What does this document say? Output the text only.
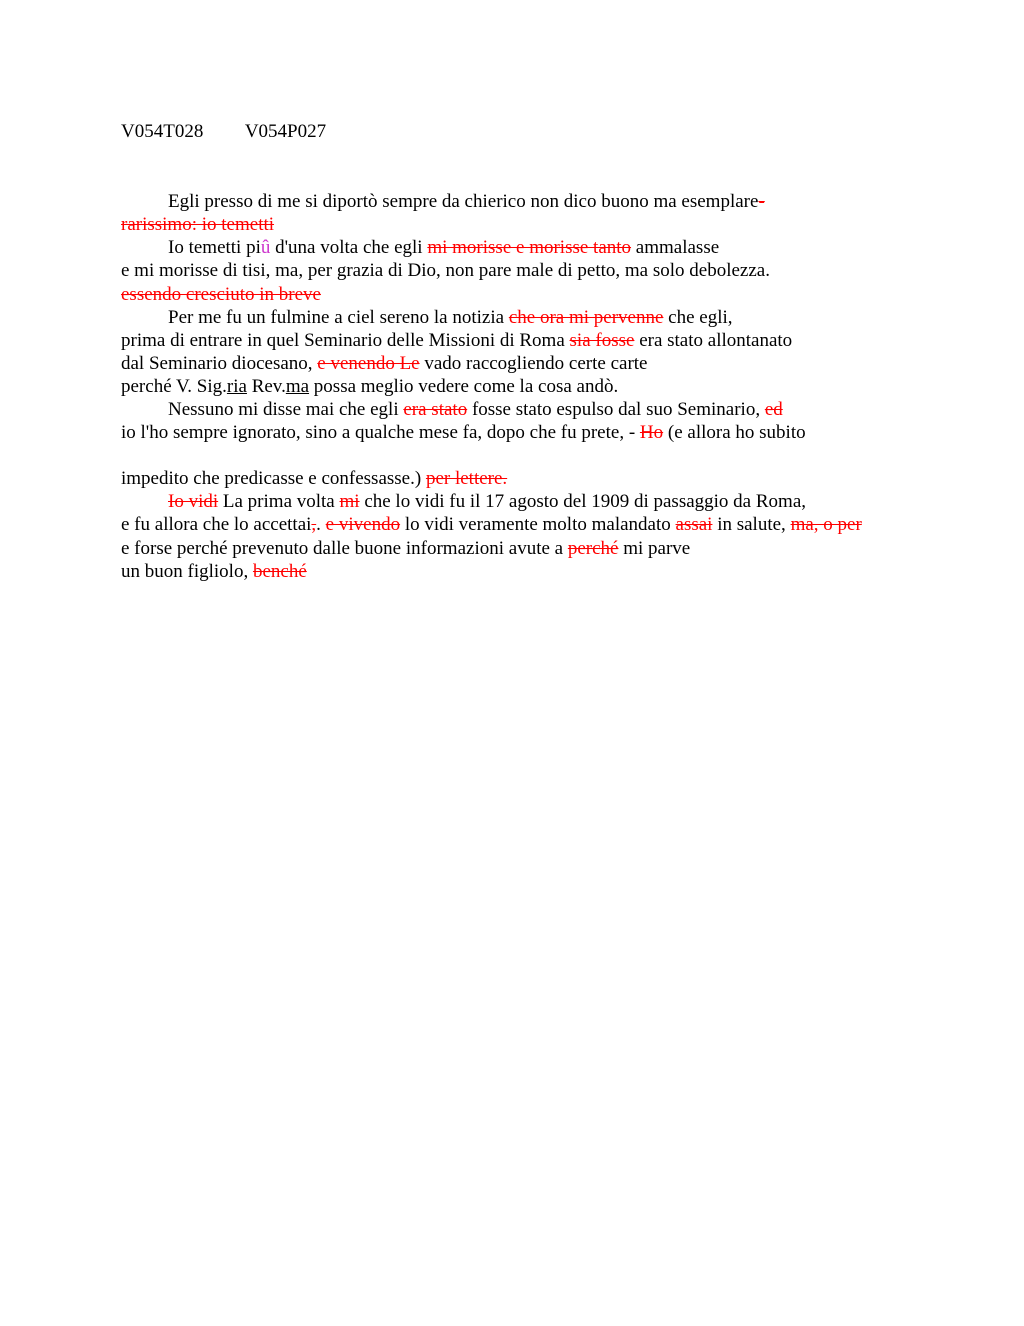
V054T028 V054P027
Egli presso di me si diportò sempre da chierico non dico buono ma esemplare-
rarissimo: io temetti
Io temetti piû d'una volta che egli mi morisse e morisse tanto ammalasse
e mi morisse di tisi, ma, per grazia di Dio, non pare male di petto, ma solo debolezza.
essendo cresciuto in breve
Per me fu un fulmine a ciel sereno la notizia che ora mi pervenne che egli,
prima di entrare in quel Seminario delle Missioni di Roma sia fosse era stato allontanato
dal Seminario diocesano, e venendo Le vado raccogliendo certe carte
perché V. Sig.ria Rev.ma possa meglio vedere come la cosa andò.
Nessuno mi disse mai che egli era stato fosse stato espulso dal suo Seminario, ed
io l'ho sempre ignorato, sino a qualche mese fa, dopo che fu prete, - Ho (e allora ho subito
impedito che predicasse e confessasse.) per lettere.
Io vidi La prima volta mi che lo vidi fu il 17 agosto del 1909 di passaggio da Roma,
e fu allora che lo accettai,. e vivendo lo vidi veramente molto malandato assai in salute, ma, o per
e forse perché prevenuto dalle buone informazioni avute a perché mi parve
un buon figliolo, benché
